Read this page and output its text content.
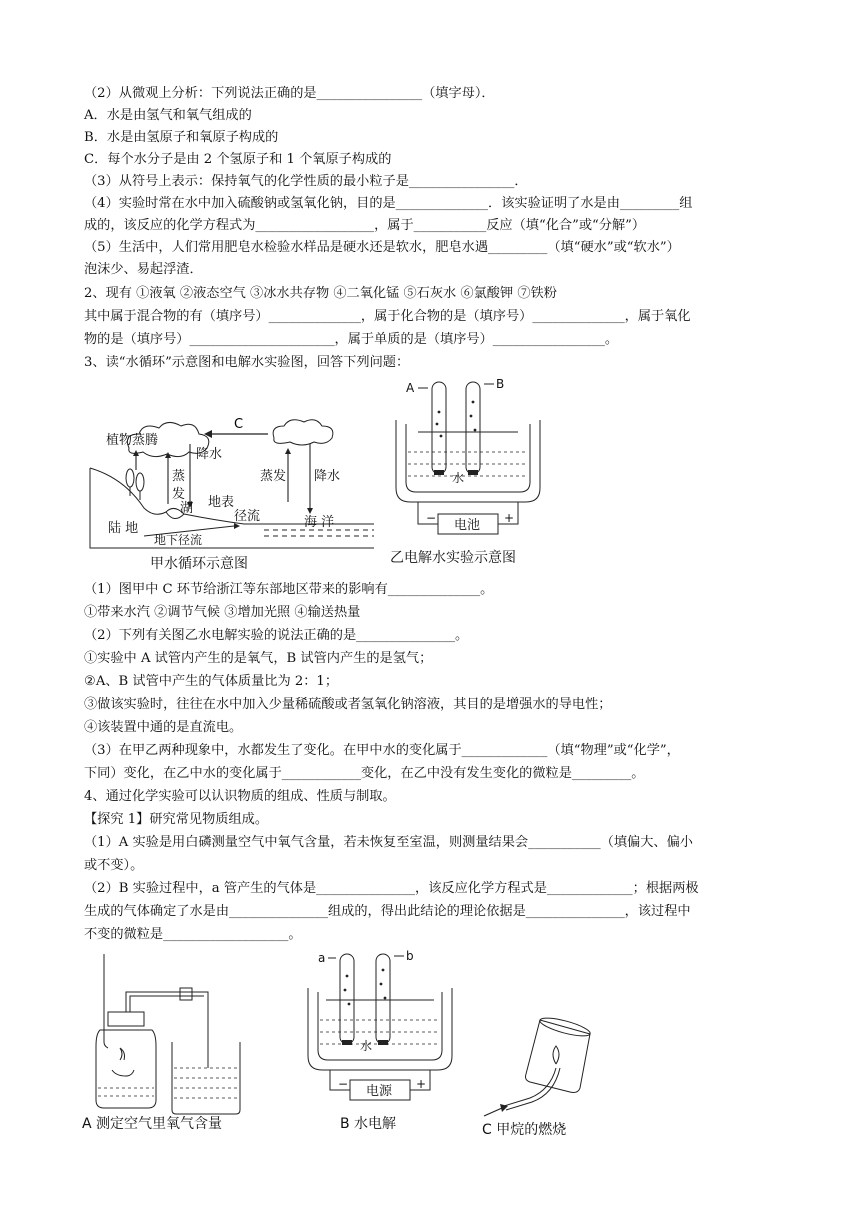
（2）从微观上分析：下列说法正确的是________________（填字母）．
A．水是由氢气和氧气组成的
B．水是由氢原子和氧原子构成的
C．每个水分子是由 2 个氢原子和 1 个氧原子构成的
（3）从符号上表示：保持氧气的化学性质的最小粒子是________________．
（4）实验时常在水中加入硫酸钠或氢氧化钠，目的是______________．该实验证明了水是由_________组
成的，该反应的化学方程式为__________________，属于___________反应（填“化合”或“分解”）
（5）生活中，人们常用肥皂水检验水样品是硬水还是软水，肥皂水遇_________（填“硬水”或“软水”）
泡沫少、易起浮渣．
2、现有 ①液氧 ②液态空气 ③冰水共存物 ④二氧化锰 ⑤石灰水 ⑥氯酸钾 ⑦铁粉
其中属于混合物的有（填序号）______________，属于化合物的是（填序号）______________，属于氧化
物的是（填序号）______________________，属于单质的是（填序号）_________________。
3、读“水循环”示意图和电解水实验图，回答下列问题：
C
植物蒸腾
降水
蒸
发
湖 地表
径流
蒸发 降水
陆 地
地下径流
海 洋
甲水循环示意图
A	B
水
电池
−	+
乙电解水实验示意图
（1）图甲中 C 环节给浙江等东部地区带来的影响有______________。
①带来水汽 ②调节气候 ③增加光照 ④输送热量
（2）下列有关图乙水电解实验的说法正确的是_______________。
①实验中 A 试管内产生的是氧气，B 试管内产生的是氢气；
②A、B 试管中产生的气体质量比为 2：1；
③做该实验时，往往在水中加入少量稀硫酸或者氢氧化钠溶液，其目的是增强水的导电性；
④该装置中通的是直流电。
（3）在甲乙两种现象中，水都发生了变化。在甲中水的变化属于_____________（填“物理”或“化学”，
下同）变化，在乙中水的变化属于____________变化，在乙中没有发生变化的微粒是_________。
4、通过化学实验可以认识物质的组成、性质与制取。
【探究 1】研究常见物质组成。
（1）A 实验是用白磷测量空气中氧气含量，若未恢复至室温，则测量结果会___________（填偏大、偏小
或不变）。
（2）B 实验过程中，a 管产生的气体是_______________，该反应化学方程式是_____________；根据两极
生成的气体确定了水是由_______________组成的，得出此结论的理论依据是_______________，该过程中
不变的微粒是___________________。
A 测定空气里氧气含量
a	b
水
电源
−	+
B 水电解	C 甲烷的燃烧
